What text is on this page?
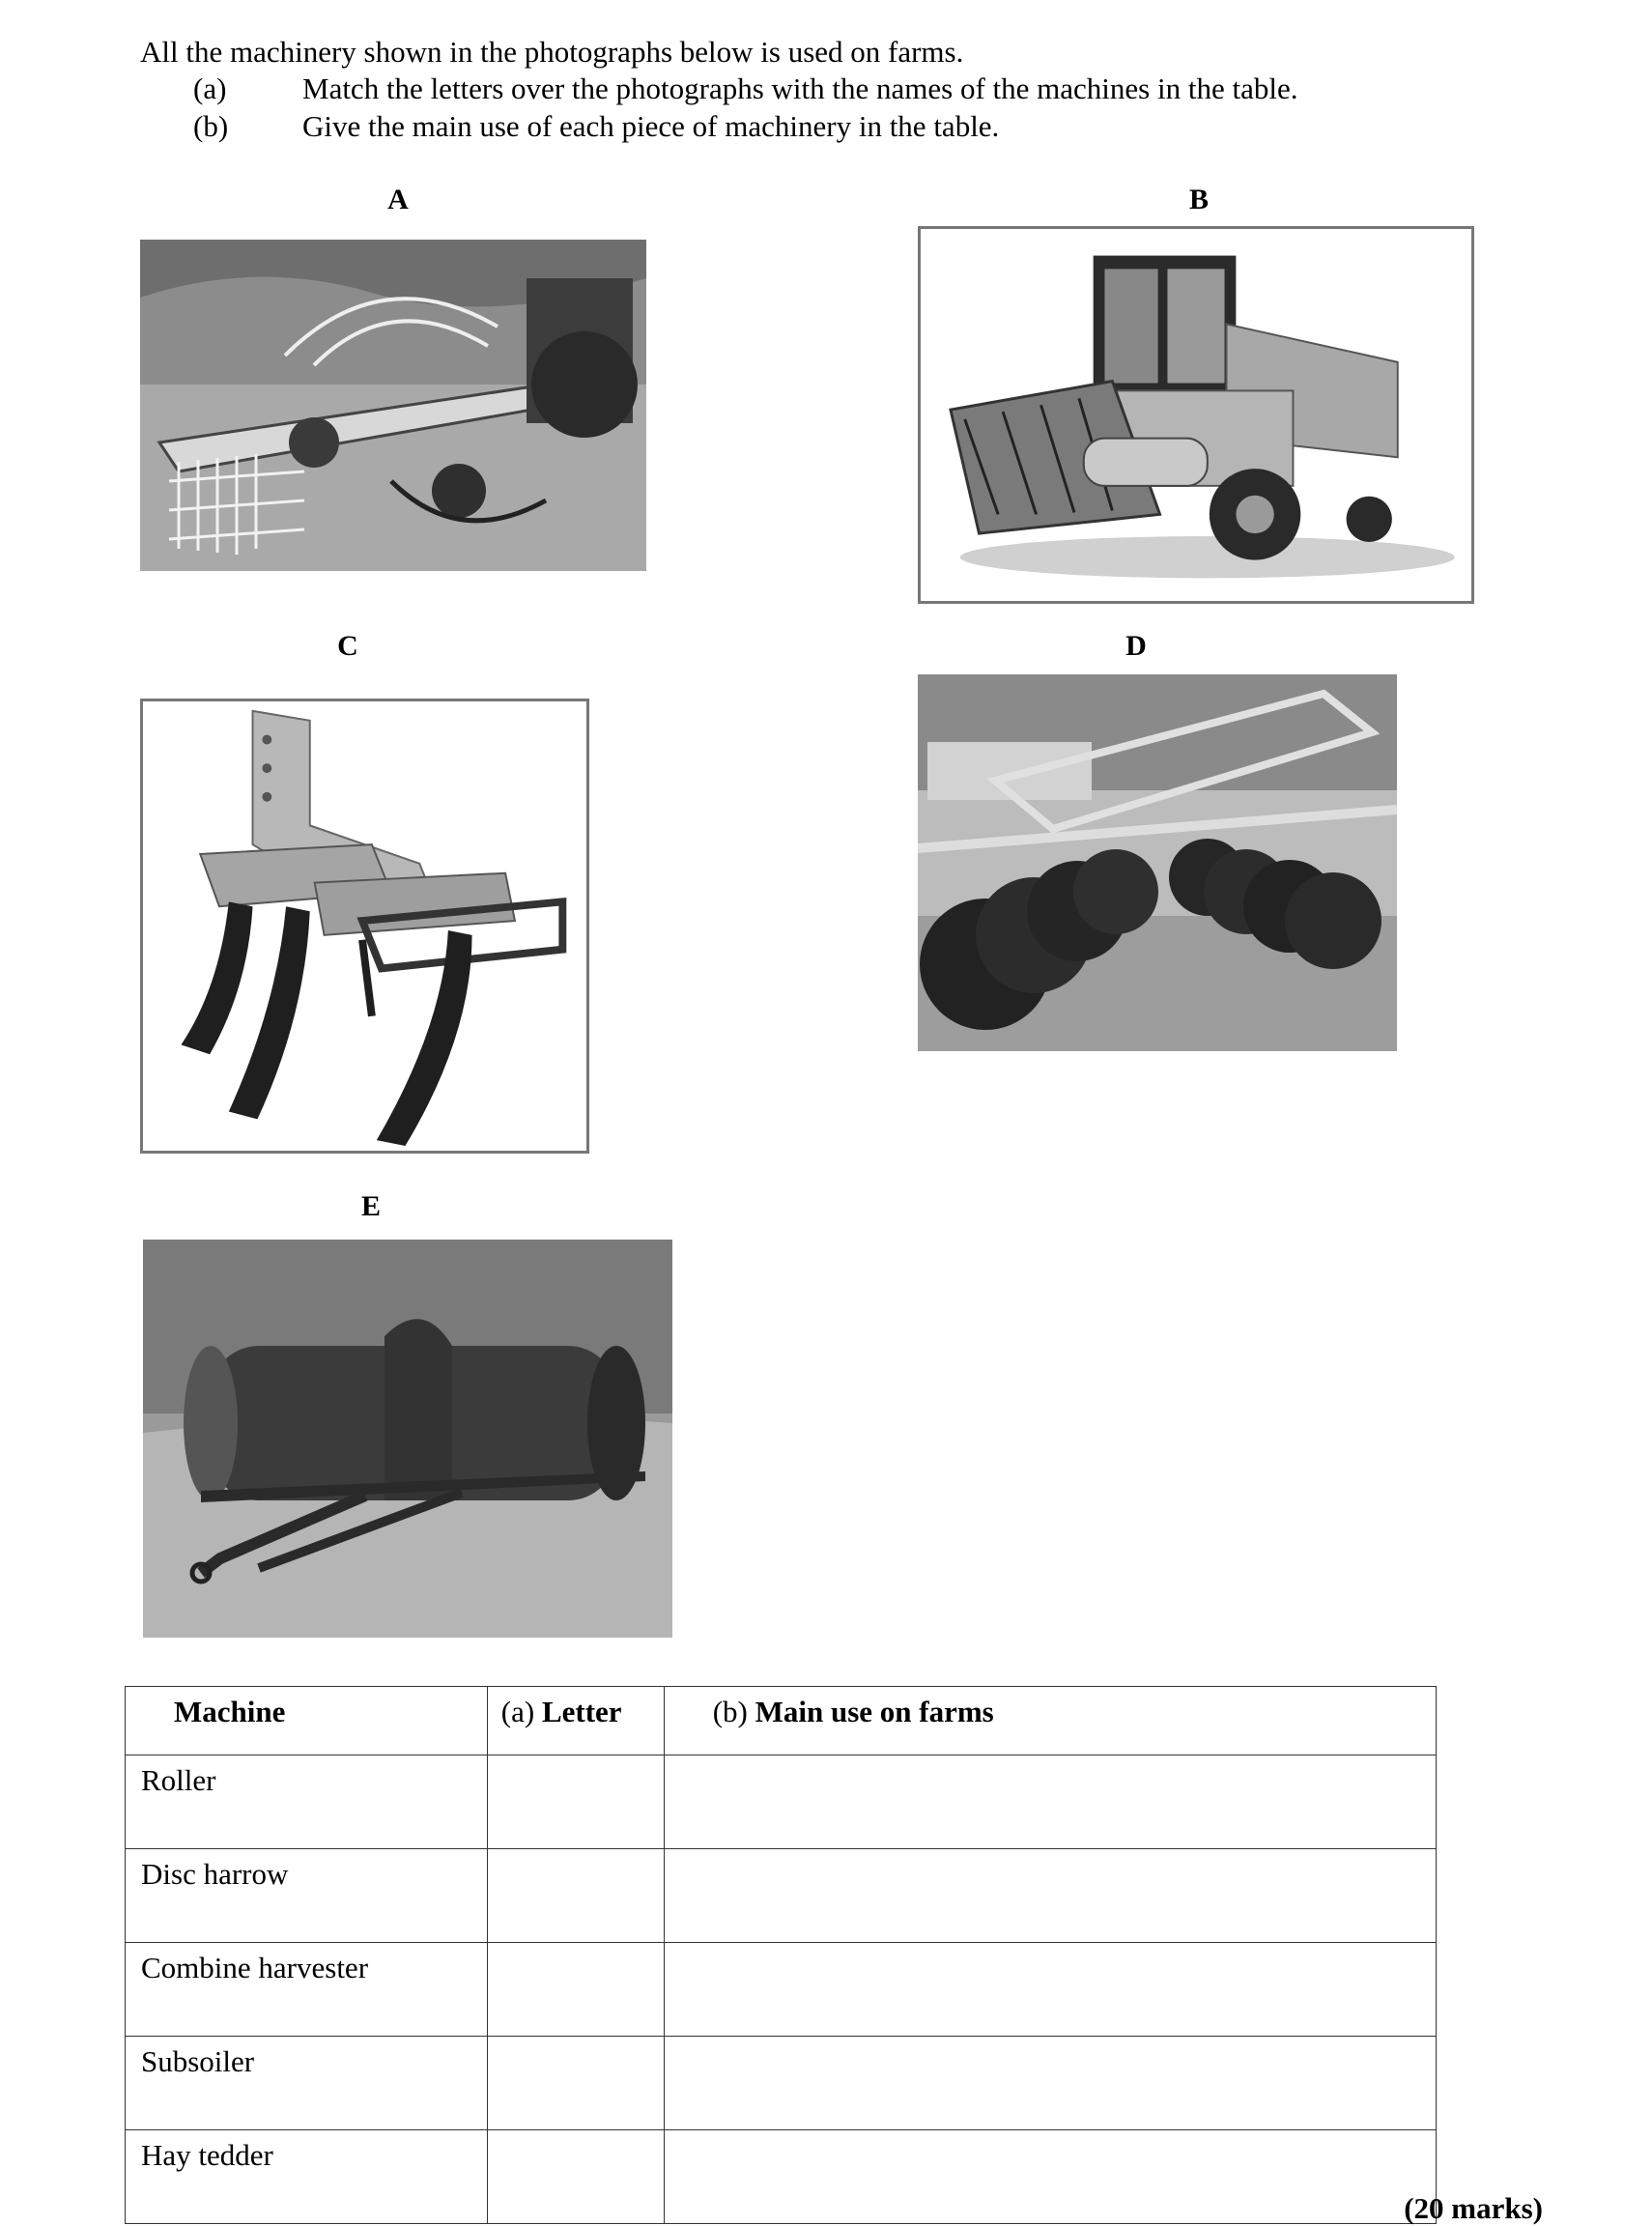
All the machinery shown in the photographs below is used on farms.
(a)	Match the letters over the photographs with the names of the machines in the table.
(b) Give the main use of each piece of machinery in the table.
A	B
C	D
E
Machine	(a) Letter	(b) Main use on farms
Roller		
Disc harrow		
Combine harvester		
Subsoiler		
Hay tedder		
(20 marks)
